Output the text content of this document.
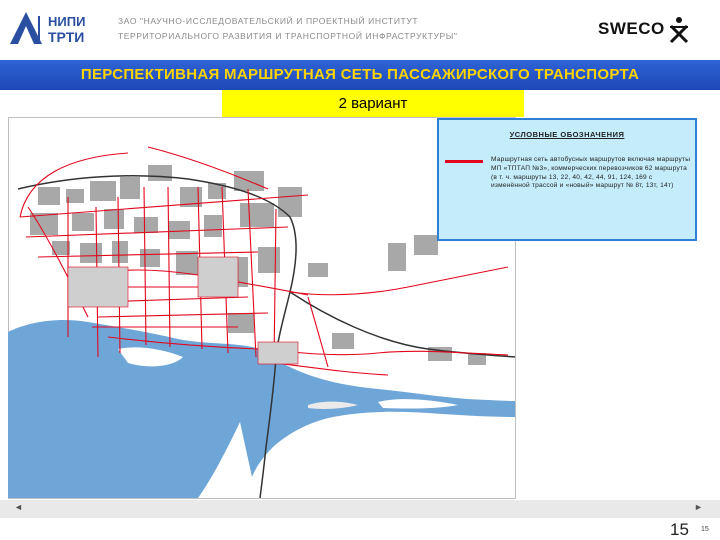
НИПИ
ТРТИ
ЗАО "НАУЧНО-ИССЛЕДОВАТЕЛЬСКИЙ И ПРОЕКТНЫЙ ИНСТИТУТ
ТЕРРИТОРИАЛЬНОГО РАЗВИТИЯ И ТРАНСПОРТНОЙ ИНФРАСТРУКТУРЫ"	SWECO
ПЕРСПЕКТИВНАЯ МАРШРУТНАЯ СЕТЬ ПАССАЖИРСКОГО ТРАНСПОРТА
2 вариант
УСЛОВНЫЕ ОБОЗНАЧЕНИЯ
Маршрутная сеть автобусных маршрутов включая маршруты МП «ТПТАП №3», коммерческих перевозчиков 62 маршрута (в т. ч. маршруты 13, 22, 40, 42, 44, 91, 124, 169 с изменённой трассой и «новый» маршрут № 8т, 13т, 14т)
◄	►
15 15
